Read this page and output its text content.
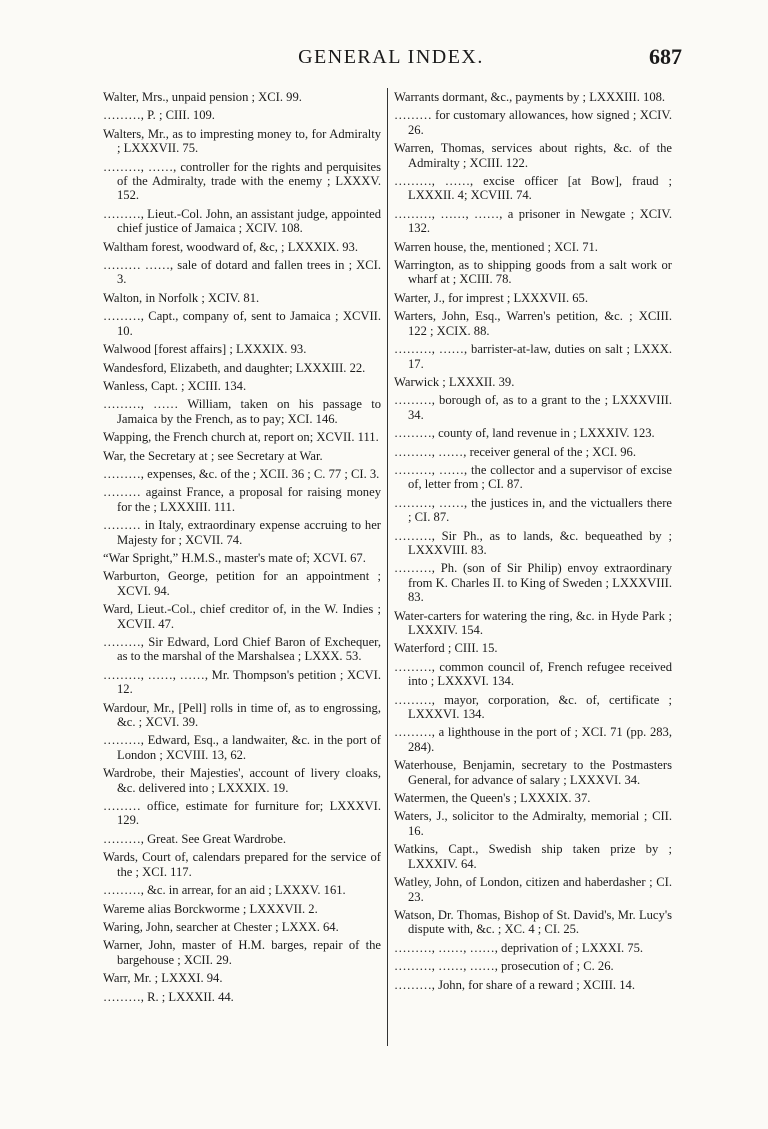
GENERAL INDEX.	687
Walter, Mrs., unpaid pension ; XCI. 99.
………, P. ; CIII. 109.
Walters, Mr., as to impresting money to, for Admiralty ; LXXXVII. 75.
………, ……, controller for the rights and perquisites of the Admiralty, trade with the enemy ; LXXXV. 152.
………, Lieut.-Col. John, an assistant judge, appointed chief justice of Jamaica ; XCIV. 108.
Waltham forest, woodward of, &c, ; LXXXIX. 93.
……… ……, sale of dotard and fallen trees in ; XCI. 3.
Walton, in Norfolk ; XCIV. 81.
………, Capt., company of, sent to Jamaica ; XCVII. 10.
Walwood [forest affairs] ; LXXXIX. 93.
Wandesford, Elizabeth, and daughter; LXXXIII. 22.
Wanless, Capt. ; XCIII. 134.
………, …… William, taken on his passage to Jamaica by the French, as to pay; XCI. 146.
Wapping, the French church at, report on; XCVII. 111.
War, the Secretary at ; see Secretary at War.
………, expenses, &c. of the ; XCII. 36 ; C. 77 ; CI. 3.
……… against France, a proposal for raising money for the ; LXXXIII. 111.
……… in Italy, extraordinary expense accruing to her Majesty for ; XCVII. 74.
“War Spright,” H.M.S., master's mate of; XCVI. 67.
Warburton, George, petition for an appointment ; XCVI. 94.
Ward, Lieut.-Col., chief creditor of, in the W. Indies ; XCVII. 47.
………, Sir Edward, Lord Chief Baron of Exchequer, as to the marshal of the Marshalsea ; LXXX. 53.
………, ……, ……, Mr. Thompson's petition ; XCVI. 12.
Wardour, Mr., [Pell] rolls in time of, as to engrossing, &c. ; XCVI. 39.
………, Edward, Esq., a landwaiter, &c. in the port of London ; XCVIII. 13, 62.
Wardrobe, their Majesties', account of livery cloaks, &c. delivered into ; LXXXIX. 19.
……… office, estimate for furniture for; LXXXVI. 129.
………, Great. See Great Wardrobe.
Wards, Court of, calendars prepared for the service of the ; XCI. 117.
………, &c. in arrear, for an aid ; LXXXV. 161.
Wareme alias Borckworme ; LXXXVII. 2.
Waring, John, searcher at Chester ; LXXX. 64.
Warner, John, master of H.M. barges, repair of the bargehouse ; XCII. 29.
Warr, Mr. ; LXXXI. 94.
………, R. ; LXXXII. 44.
Warrants dormant, &c., payments by ; LXXXIII. 108.
……… for customary allowances, how signed ; XCIV. 26.
Warren, Thomas, services about rights, &c. of the Admiralty ; XCIII. 122.
………, ……, excise officer [at Bow], fraud ; LXXXII. 4; XCVIII. 74.
………, ……, ……, a prisoner in Newgate ; XCIV. 132.
Warren house, the, mentioned ; XCI. 71.
Warrington, as to shipping goods from a salt work or wharf at ; XCIII. 78.
Warter, J., for imprest ; LXXXVII. 65.
Warters, John, Esq., Warren's petition, &c. ; XCIII. 122 ; XCIX. 88.
………, ……, barrister-at-law, duties on salt ; LXXX. 17.
Warwick ; LXXXII. 39.
………, borough of, as to a grant to the ; LXXXVIII. 34.
………, county of, land revenue in ; LXXXIV. 123.
………, ……, receiver general of the ; XCI. 96.
………, ……, the collector and a supervisor of excise of, letter from ; CI. 87.
………, ……, the justices in, and the victuallers there ; CI. 87.
………, Sir Ph., as to lands, &c. bequeathed by ; LXXXVIII. 83.
………, Ph. (son of Sir Philip) envoy extraordinary from K. Charles II. to King of Sweden ; LXXXVIII. 83.
Water-carters for watering the ring, &c. in Hyde Park ; LXXXIV. 154.
Waterford ; CIII. 15.
………, common council of, French refugee received into ; LXXXVI. 134.
………, mayor, corporation, &c. of, certificate ; LXXXVI. 134.
………, a lighthouse in the port of ; XCI. 71 (pp. 283, 284).
Waterhouse, Benjamin, secretary to the Postmasters General, for advance of salary ; LXXXVI. 34.
Watermen, the Queen's ; LXXXIX. 37.
Waters, J., solicitor to the Admiralty, memorial ; CII. 16.
Watkins, Capt., Swedish ship taken prize by ; LXXXIV. 64.
Watley, John, of London, citizen and haberdasher ; CI. 23.
Watson, Dr. Thomas, Bishop of St. David's, Mr. Lucy's dispute with, &c. ; XC. 4 ; CI. 25.
………, ……, ……, deprivation of ; LXXXI. 75.
………, ……, ……, prosecution of ; C. 26.
………, John, for share of a reward ; XCIII. 14.
